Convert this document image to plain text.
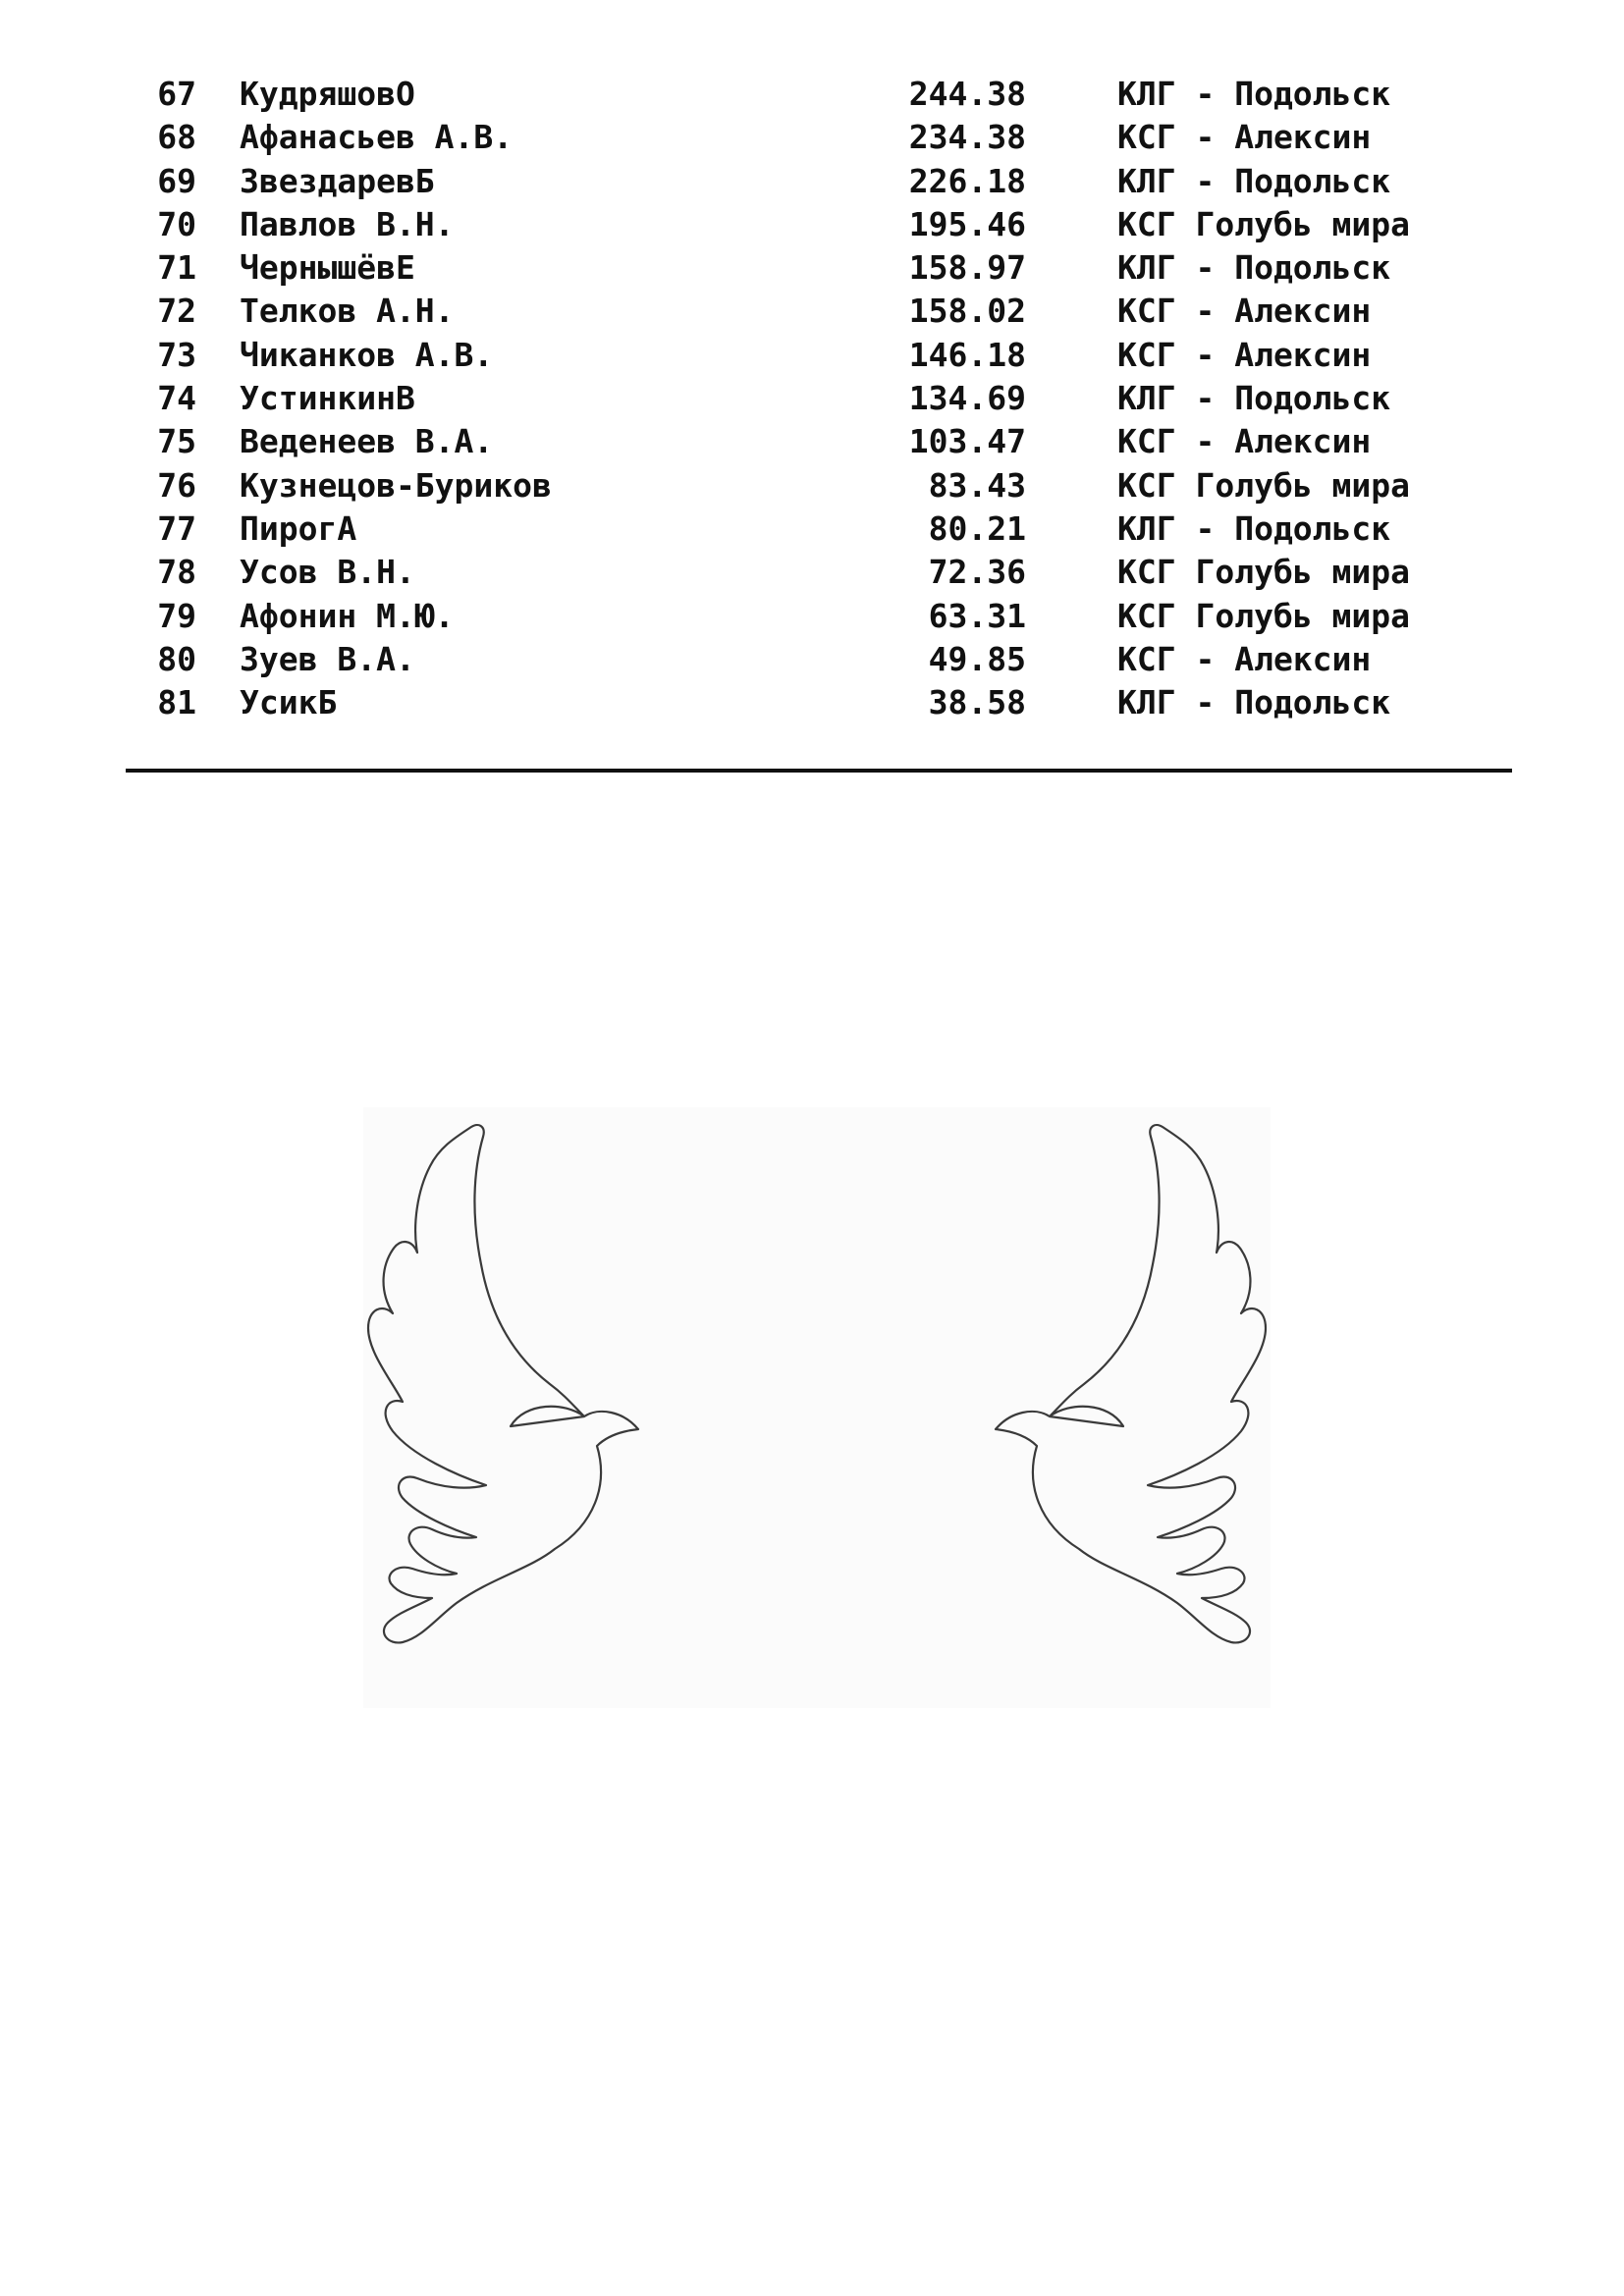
67 КудряшовО	244.38	КЛГ - Подольск
68 Афанасьев А.В.	234.38	КСГ - Алексин
69 ЗвездаревБ	226.18	КЛГ - Подольск
70 Павлов В.Н.	195.46	КСГ Голубь мира
71 ЧернышёвЕ	158.97	КЛГ - Подольск
72 Телков А.Н.	158.02	КСГ - Алексин
73 Чиканков А.В.	146.18	КСГ - Алексин
74 УстинкинВ	134.69	КЛГ - Подольск
75 Веденеев В.А.	103.47	КСГ - Алексин
76 Кузнецов-Буриков	83.43	КСГ Голубь мира
77 ПирогА	80.21	КЛГ - Подольск
78 Усов В.Н.	72.36	КСГ Голубь мира
79 Афонин М.Ю.	63.31	КСГ Голубь мира
80 Зуев В.А.	49.85	КСГ - Алексин
81 УсикБ	38.58	КЛГ - Подольск
